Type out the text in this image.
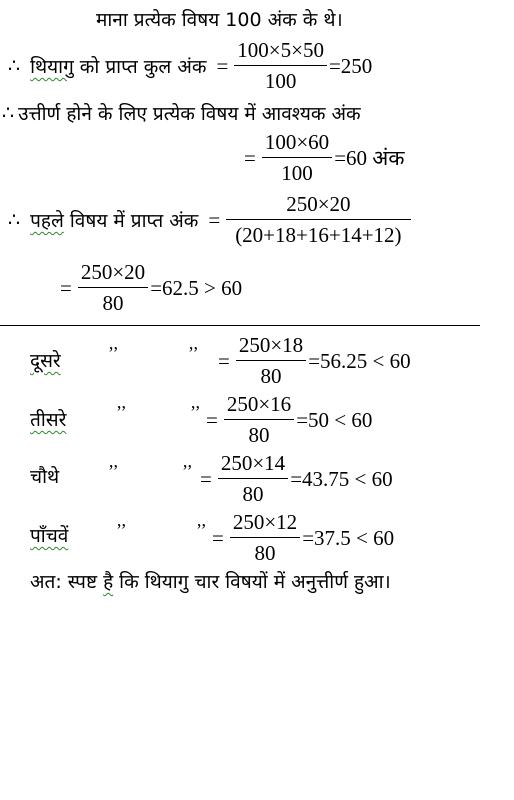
माना प्रत्येक विषय 100 अंक के थे।
∴ थियागु को प्राप्त कुल अंक = $\frac{100\times 5\times 50}{100} =250$
∴ उत्तीर्ण होने के लिए प्रत्येक विषय में आवश्यक अंक
= $\frac{100\times 60}{100} =60$ अंक
∴ पहले विषय में प्राप्त अंक = $\frac{250\times 20}{(20+18+16+14+12)}$
= $\frac{250\times 20}{80} =62.5 > 60$
दूसरे	’’	’’ = $\frac{250\times 18}{80} =56.25 < 60$
तीसरे	’’	’’ = $\frac{250\times 16}{80} =50 < 60$
चौथे	’’	’’ = $\frac{250\times 14}{80} =43.75 < 60$
पाँचवें	’’	’’ = $\frac{250\times 12}{80} =37.5 < 60$
अत: स्पष्ट है कि थियागु चार विषयों में अनुत्तीर्ण हुआ।
